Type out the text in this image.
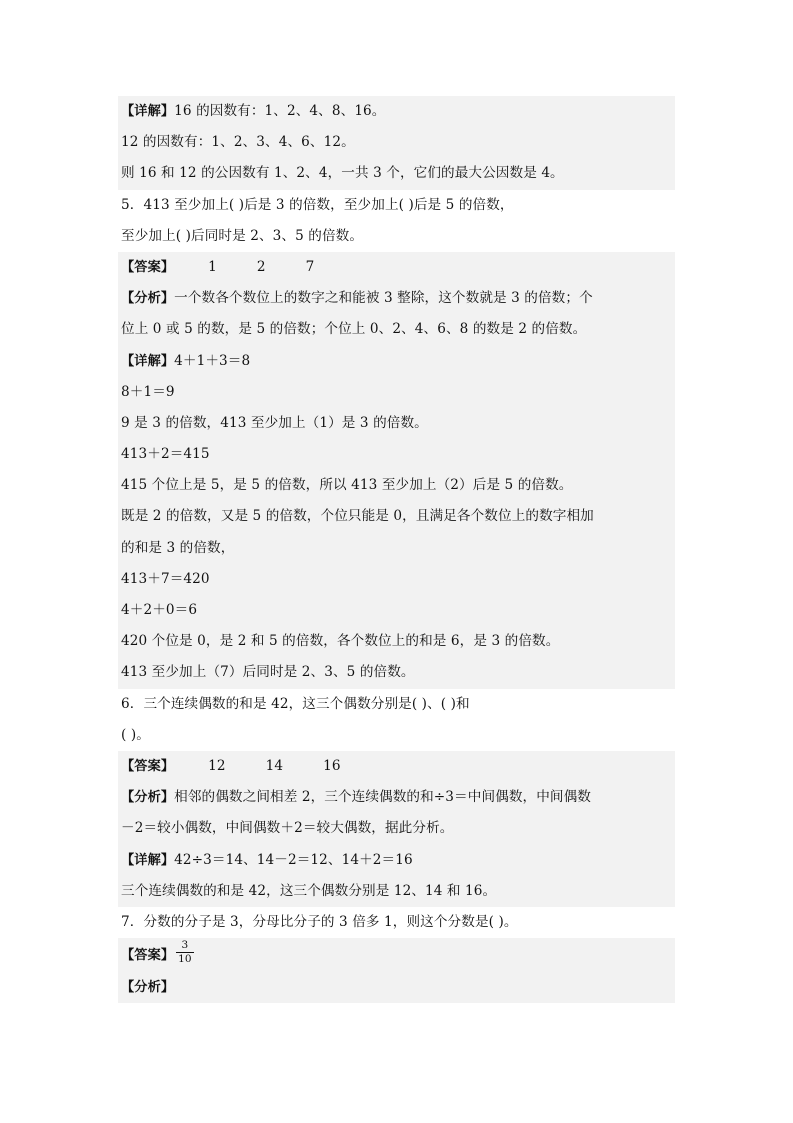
【详解】16 的因数有：1、2、4、8、16。
12 的因数有：1、2、3、4、6、12。
则 16 和 12 的公因数有 1、2、4，一共 3 个，它们的最大公因数是 4。
5．413 至少加上( )后是 3 的倍数，至少加上( )后是 5 的倍数，
至少加上( )后同时是 2、3、5 的倍数。
【答案】	1	2	7
【分析】一个数各个数位上的数字之和能被 3 整除，这个数就是 3 的倍数；个
位上 0 或 5 的数，是 5 的倍数；个位上 0、2、4、6、8 的数是 2 的倍数。
【详解】4＋1＋3＝8
8＋1＝9
9 是 3 的倍数，413 至少加上（1）是 3 的倍数。
413＋2＝415
415 个位上是 5，是 5 的倍数，所以 413 至少加上（2）后是 5 的倍数。
既是 2 的倍数，又是 5 的倍数，个位只能是 0，且满足各个数位上的数字相加
的和是 3 的倍数，
413＋7＝420
4＋2＋0＝6
420 个位是 0，是 2 和 5 的倍数，各个数位上的和是 6，是 3 的倍数。
413 至少加上（7）后同时是 2、3、5 的倍数。
6．三个连续偶数的和是 42，这三个偶数分别是( )、( )和
( )。
【答案】	12	14	16
【分析】相邻的偶数之间相差 2，三个连续偶数的和÷3＝中间偶数，中间偶数
－2＝较小偶数，中间偶数＋2＝较大偶数，据此分析。
【详解】42÷3＝14、14－2＝12、14＋2＝16
三个连续偶数的和是 42，这三个偶数分别是 12、14 和 16。
7．分数的分子是 3，分母比分子的 3 倍多 1，则这个分数是( )。
【答案】 $\frac{3}{10}$
【分析】
